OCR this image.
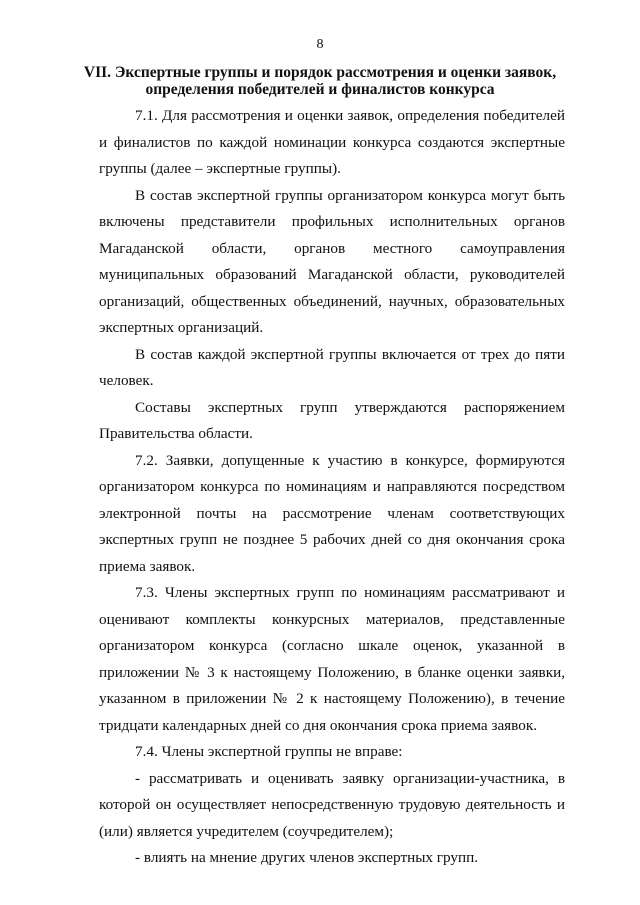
8
VII. Экспертные группы и порядок рассмотрения и оценки заявок,
определения победителей и финалистов конкурса

7.1. Для рассмотрения и оценки заявок, определения победителей и финалистов по каждой номинации конкурса создаются экспертные группы (далее – экспертные группы).

В состав экспертной группы организатором конкурса могут быть включены представители профильных исполнительных органов Магаданской области, органов местного самоуправления муниципальных образований Магаданской области, руководителей организаций, общественных объединений, научных, образовательных экспертных организаций.

В состав каждой экспертной группы включается от трех до пяти человек.

Составы экспертных групп утверждаются распоряжением Правительства области.

7.2. Заявки, допущенные к участию в конкурсе, формируются организатором конкурса по номинациям и направляются посредством электронной почты на рассмотрение членам соответствующих экспертных групп не позднее 5 рабочих дней со дня окончания срока приема заявок.

7.3. Члены экспертных групп по номинациям рассматривают и оценивают комплекты конкурсных материалов, представленные организатором конкурса (согласно шкале оценок, указанной в приложении № 3 к настоящему Положению, в бланке оценки заявки, указанном в приложении № 2 к настоящему Положению), в течение тридцати календарных дней со дня окончания срока приема заявок.

7.4. Члены экспертной группы не вправе:

- рассматривать и оценивать заявку организации-участника, в которой он осуществляет непосредственную трудовую деятельность и (или) является учредителем (соучредителем);

- влиять на мнение других членов экспертных групп.
